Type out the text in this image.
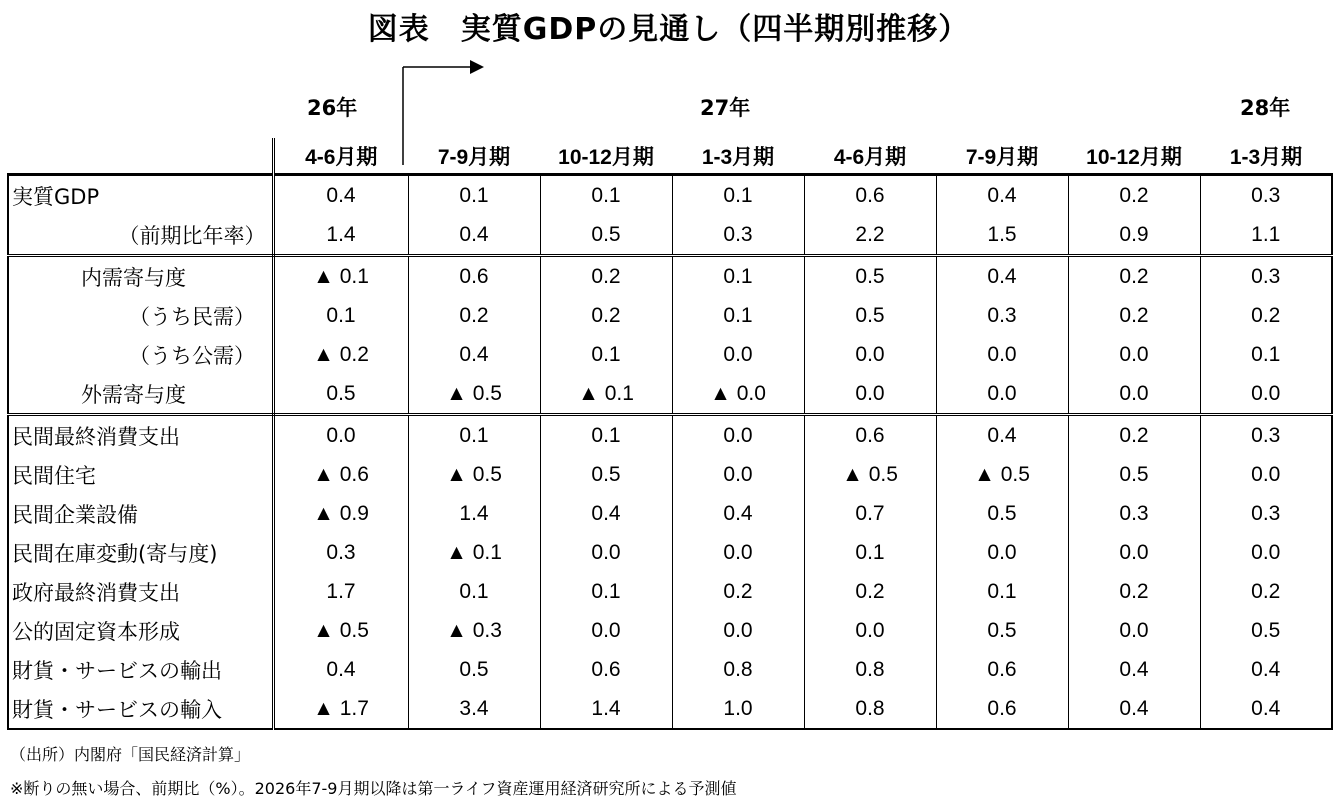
図表　実質GDPの見通し（四半期別推移）
26年	27年	28年
	4-6月期	7-9月期	10-12月期	1-3月期	4-6月期	7-9月期	10-12月期	1-3月期
実質GDP	0.4	0.1	0.1	0.1	0.6	0.4	0.2	0.3
（前期比年率）	1.4	0.4	0.5	0.3	2.2	1.5	0.9	1.1
内需寄与度	▲ 0.1	0.6	0.2	0.1	0.5	0.4	0.2	0.3
（うち民需）	0.1	0.2	0.2	0.1	0.5	0.3	0.2	0.2
（うち公需）	▲ 0.2	0.4	0.1	0.0	0.0	0.0	0.0	0.1
外需寄与度	0.5	▲ 0.5	▲ 0.1	▲ 0.0	0.0	0.0	0.0	0.0
民間最終消費支出	0.0	0.1	0.1	0.0	0.6	0.4	0.2	0.3
民間住宅	▲ 0.6	▲ 0.5	0.5	0.0	▲ 0.5	▲ 0.5	0.5	0.0
民間企業設備	▲ 0.9	1.4	0.4	0.4	0.7	0.5	0.3	0.3
民間在庫変動(寄与度)	0.3	▲ 0.1	0.0	0.0	0.1	0.0	0.0	0.0
政府最終消費支出	1.7	0.1	0.1	0.2	0.2	0.1	0.2	0.2
公的固定資本形成	▲ 0.5	▲ 0.3	0.0	0.0	0.0	0.5	0.0	0.5
財貨・サービスの輸出	0.4	0.5	0.6	0.8	0.8	0.6	0.4	0.4
財貨・サービスの輸入	▲ 1.7	3.4	1.4	1.0	0.8	0.6	0.4	0.4
（出所）内閣府「国民経済計算」
※断りの無い場合、前期比（%）。2026年7-9月期以降は第一ライフ資産運用経済研究所による予測値
